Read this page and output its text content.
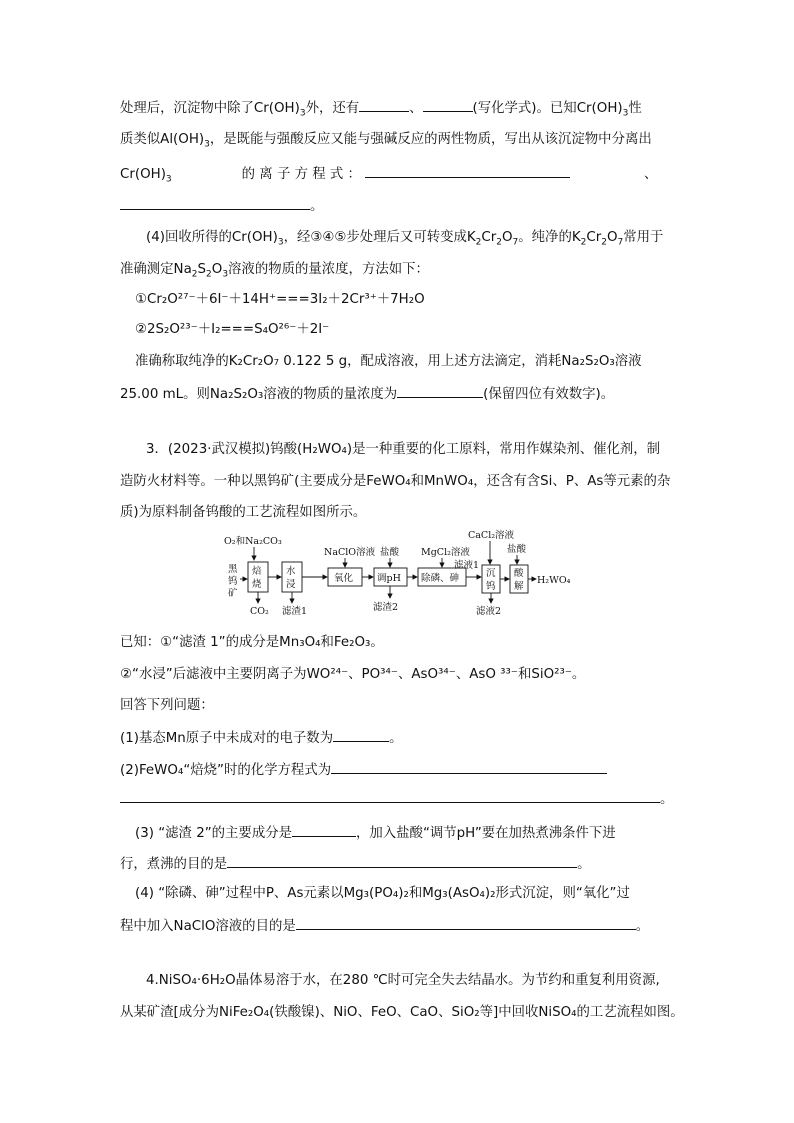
处理后，沉淀物中除了$Cr(OH)_3$外，还有	、	(写化学式)。已知$Cr(OH)_3$性
质类似$Al(OH)_3$，是既能与强酸反应又能与强碱反应的两性物质，写出从该沉淀物中分离出
$Cr(OH)_3$	的 离 子 方 程 式 ：	、
。
(4)回收所得的$Cr(OH)_3$，经③④⑤步处理后又可转变成$K_2Cr_2O_7$。纯净的$K_2Cr_2O_7$常用于
准确测定$Na_2S_2O_3$溶液的物质的量浓度，方法如下：
①Cr₂O²⁷⁻＋6I⁻＋14H⁺===3I₂＋2Cr³⁺＋7H₂O
②2S₂O²³⁻＋I₂===S₄O²⁶⁻＋2I⁻
准确称取纯净的K₂Cr₂O₇ 0.122 5 g，配成溶液，用上述方法滴定，消耗Na₂S₂O₃溶液
25.00 mL。则Na₂S₂O₃溶液的物质的量浓度为	(保留四位有效数字)。
3．(2023·武汉模拟)钨酸(H₂WO₄)是一种重要的化工原料，常用作媒染剂、催化剂，制
造防火材料等。一种以黑钨矿(主要成分是FeWO₄和MnWO₄，还含有含Si、P、As等元素的杂
质)为原料制备钨酸的工艺流程如图所示。
O₂和Na₂CO₃
NaClO溶液 盐酸 MgCl₂溶液
CaCl₂溶液
盐酸
黑
钨
矿
焙
烧
水
浸
氧化	调pH 除磷、砷
滤液1
沉
钨
酸
解
H₂WO₄
CO₂ 滤渣1	滤渣2	滤液2
已知：①“滤渣 1”的成分是Mn₃O₄和Fe₂O₃。
②“水浸”后滤液中主要阴离子为WO²⁴⁻、PO³⁴⁻、AsO³⁴⁻、AsO ³³⁻和SiO²³⁻。
回答下列问题：
(1)基态Mn原子中未成对的电子数为	。
(2)FeWO₄“焙烧”时的化学方程式为
。
(3) “滤渣 2”的主要成分是	，加入盐酸“调节pH”要在加热煮沸条件下进
行，煮沸的目的是	。
(4) “除磷、砷”过程中P、As元素以Mg₃(PO₄)₂和Mg₃(AsO₄)₂形式沉淀，则“氧化”过
程中加入NaClO溶液的目的是	。
4.NiSO₄·6H₂O晶体易溶于水，在280 ℃时可完全失去结晶水。为节约和重复利用资源,
从某矿渣[成分为NiFe₂O₄(铁酸镍)、NiO、FeO、CaO、SiO₂等]中回收NiSO₄的工艺流程如图。
